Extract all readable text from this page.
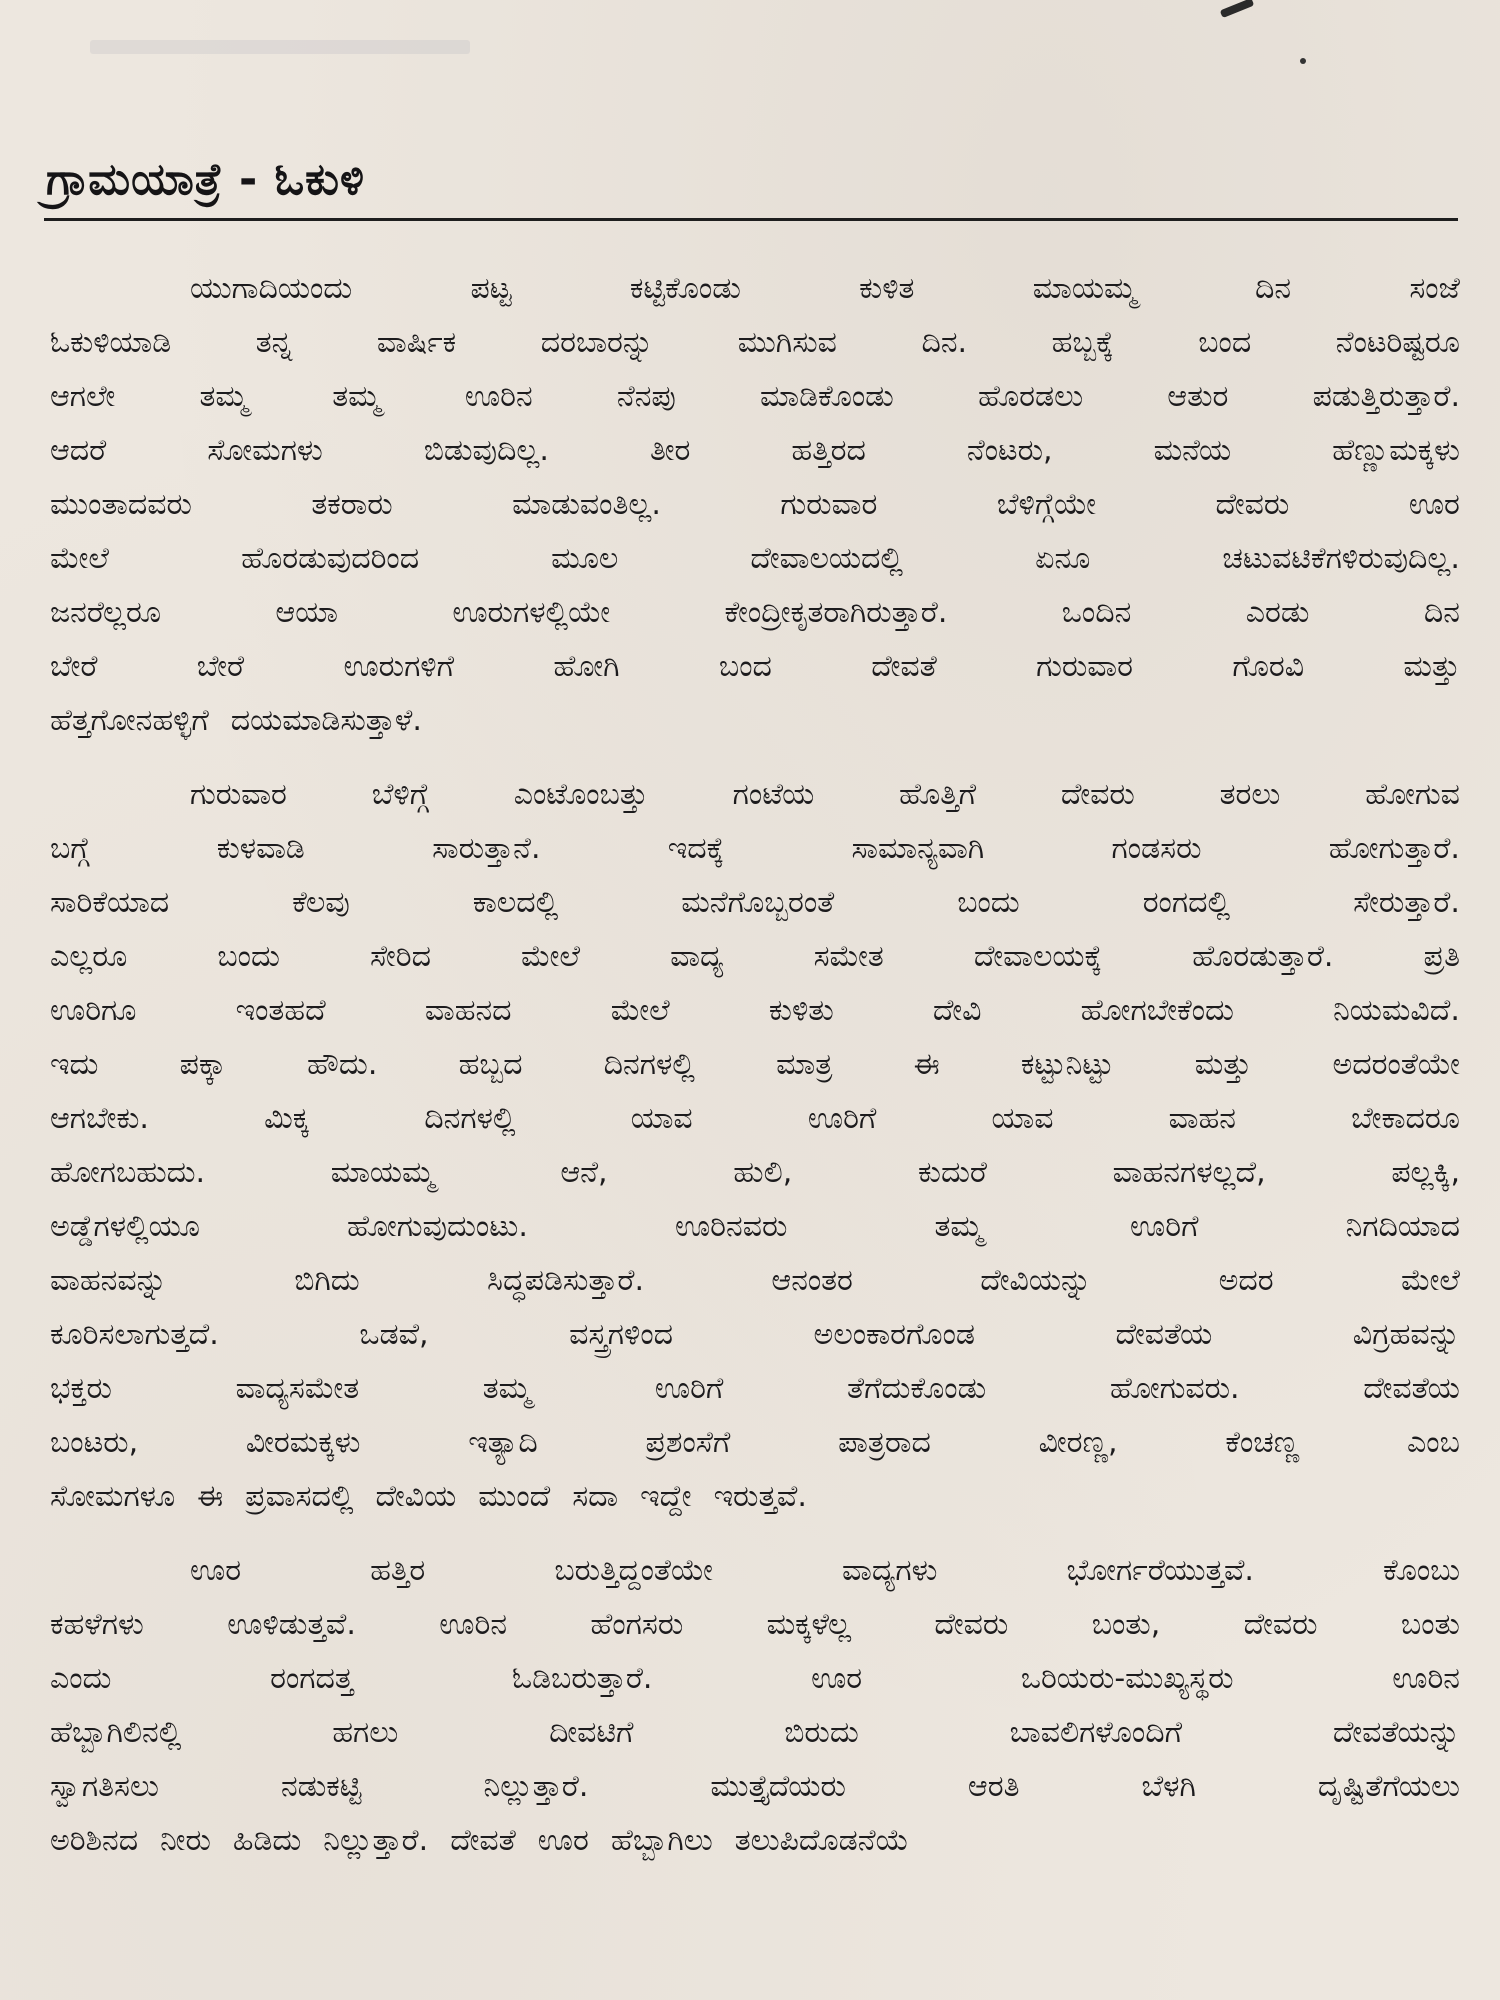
ಗ್ರಾಮಯಾತ್ರೆ - ಓಕುಳಿ
ಯುಗಾದಿಯಂದು	ಪಟ್ಟ	ಕಟ್ಟಿಕೊಂಡು	ಕುಳಿತ	ಮಾಯಮ್ಮ	ದಿನ	ಸಂಜೆ
ಓಕುಳಿಯಾಡಿ	ತನ್ನ	ವಾರ್ಷಿಕ	ದರಬಾರನ್ನು	ಮುಗಿಸುವ	ದಿನ.	ಹಬ್ಬಕ್ಕೆ	ಬಂದ	ನೆಂಟರಿಷ್ಟರೂ
ಆಗಲೇ	ತಮ್ಮ	ತಮ್ಮ	ಊರಿನ	ನೆನಪು	ಮಾಡಿಕೊಂಡು	ಹೊರಡಲು	ಆತುರ	ಪಡುತ್ತಿರುತ್ತಾರೆ.
ಆದರೆ	ಸೋಮಗಳು	ಬಿಡುವುದಿಲ್ಲ.	ತೀರ	ಹತ್ತಿರದ	ನೆಂಟರು,	ಮನೆಯ	ಹೆಣ್ಣುಮಕ್ಕಳು
ಮುಂತಾದವರು	ತಕರಾರು	ಮಾಡುವಂತಿಲ್ಲ.	ಗುರುವಾರ	ಬೆಳಿಗ್ಗೆಯೇ	ದೇವರು	ಊರ
ಮೇಲೆ	ಹೊರಡುವುದರಿಂದ	ಮೂಲ	ದೇವಾಲಯದಲ್ಲಿ	ಏನೂ	ಚಟುವಟಿಕೆಗಳಿರುವುದಿಲ್ಲ.
ಜನರೆಲ್ಲರೂ	ಆಯಾ	ಊರುಗಳಲ್ಲಿಯೇ	ಕೇಂದ್ರೀಕೃತರಾಗಿರುತ್ತಾರೆ.	ಒಂದಿನ	ಎರಡು	ದಿನ
ಬೇರೆ	ಬೇರೆ	ಊರುಗಳಿಗೆ	ಹೋಗಿ	ಬಂದ	ದೇವತೆ	ಗುರುವಾರ	ಗೊರವಿ	ಮತ್ತು
ಹೆತ್ತಗೋನಹಳ್ಳಿಗೆ ದಯಮಾಡಿಸುತ್ತಾಳೆ.
ಗುರುವಾರ	ಬೆಳಿಗ್ಗೆ	ಎಂಟೊಂಬತ್ತು	ಗಂಟೆಯ	ಹೊತ್ತಿಗೆ	ದೇವರು	ತರಲು	ಹೋಗುವ
ಬಗ್ಗೆ	ಕುಳವಾಡಿ	ಸಾರುತ್ತಾನೆ.	ಇದಕ್ಕೆ	ಸಾಮಾನ್ಯವಾಗಿ	ಗಂಡಸರು	ಹೋಗುತ್ತಾರೆ.
ಸಾರಿಕೆಯಾದ	ಕೆಲವು	ಕಾಲದಲ್ಲಿ	ಮನೆಗೊಬ್ಬರಂತೆ	ಬಂದು	ರಂಗದಲ್ಲಿ	ಸೇರುತ್ತಾರೆ.
ಎಲ್ಲರೂ	ಬಂದು	ಸೇರಿದ	ಮೇಲೆ	ವಾದ್ಯ	ಸಮೇತ	ದೇವಾಲಯಕ್ಕೆ	ಹೊರಡುತ್ತಾರೆ.	ಪ್ರತಿ
ಊರಿಗೂ	ಇಂತಹದೆ	ವಾಹನದ	ಮೇಲೆ	ಕುಳಿತು	ದೇವಿ	ಹೋಗಬೇಕೆಂದು	ನಿಯಮವಿದೆ.
ಇದು	ಪಕ್ಕಾ	ಹೌದು.	ಹಬ್ಬದ	ದಿನಗಳಲ್ಲಿ	ಮಾತ್ರ	ಈ	ಕಟ್ಟುನಿಟ್ಟು	ಮತ್ತು	ಅದರಂತೆಯೇ
ಆಗಬೇಕು.	ಮಿಕ್ಕ	ದಿನಗಳಲ್ಲಿ	ಯಾವ	ಊರಿಗೆ	ಯಾವ	ವಾಹನ	ಬೇಕಾದರೂ
ಹೋಗಬಹುದು.	ಮಾಯಮ್ಮ	ಆನೆ,	ಹುಲಿ,	ಕುದುರೆ	ವಾಹನಗಳಲ್ಲದೆ,	ಪಲ್ಲಕ್ಕಿ,
ಅಡ್ಡೆಗಳಲ್ಲಿಯೂ	ಹೋಗುವುದುಂಟು.	ಊರಿನವರು	ತಮ್ಮ	ಊರಿಗೆ	ನಿಗದಿಯಾದ
ವಾಹನವನ್ನು	ಬಿಗಿದು	ಸಿದ್ಧಪಡಿಸುತ್ತಾರೆ.	ಆನಂತರ	ದೇವಿಯನ್ನು	ಅದರ	ಮೇಲೆ
ಕೂರಿಸಲಾಗುತ್ತದೆ.	ಒಡವೆ,	ವಸ್ತ್ರಗಳಿಂದ	ಅಲಂಕಾರಗೊಂಡ	ದೇವತೆಯ	ವಿಗ್ರಹವನ್ನು
ಭಕ್ತರು	ವಾದ್ಯಸಮೇತ	ತಮ್ಮ	ಊರಿಗೆ	ತೆಗೆದುಕೊಂಡು	ಹೋಗುವರು.	ದೇವತೆಯ
ಬಂಟರು,	ವೀರಮಕ್ಕಳು	ಇತ್ಯಾದಿ	ಪ್ರಶಂಸೆಗೆ	ಪಾತ್ರರಾದ	ವೀರಣ್ಣ,	ಕೆಂಚಣ್ಣ	ಎಂಬ
ಸೋಮಗಳೂ ಈ ಪ್ರವಾಸದಲ್ಲಿ ದೇವಿಯ ಮುಂದೆ ಸದಾ ಇದ್ದೇ ಇರುತ್ತವೆ.
ಊರ	ಹತ್ತಿರ	ಬರುತ್ತಿದ್ದಂತೆಯೇ	ವಾದ್ಯಗಳು	ಭೋರ್ಗರೆಯುತ್ತವೆ.	ಕೊಂಬು
ಕಹಳೆಗಳು	ಊಳಿಡುತ್ತವೆ.	ಊರಿನ	ಹೆಂಗಸರು	ಮಕ್ಕಳೆಲ್ಲ	ದೇವರು	ಬಂತು,	ದೇವರು	ಬಂತು
ಎಂದು	ರಂಗದತ್ತ	ಓಡಿಬರುತ್ತಾರೆ.	ಊರ	ಒರಿಯರು-ಮುಖ್ಯಸ್ಥರು	ಊರಿನ
ಹೆಬ್ಬಾಗಿಲಿನಲ್ಲಿ	ಹಗಲು	ದೀವಟಿಗೆ	ಬಿರುದು	ಬಾವಲಿಗಳೊಂದಿಗೆ	ದೇವತೆಯನ್ನು
ಸ್ವಾಗತಿಸಲು	ನಡುಕಟ್ಟಿ	ನಿಲ್ಲುತ್ತಾರೆ.	ಮುತ್ತೈದೆಯರು	ಆರತಿ	ಬೆಳಗಿ	ದೃಷ್ಟಿತೆಗೆಯಲು
ಅರಿಶಿನದ ನೀರು ಹಿಡಿದು ನಿಲ್ಲುತ್ತಾರೆ. ದೇವತೆ ಊರ ಹೆಬ್ಬಾಗಿಲು ತಲುಪಿದೊಡನೆಯೆ
